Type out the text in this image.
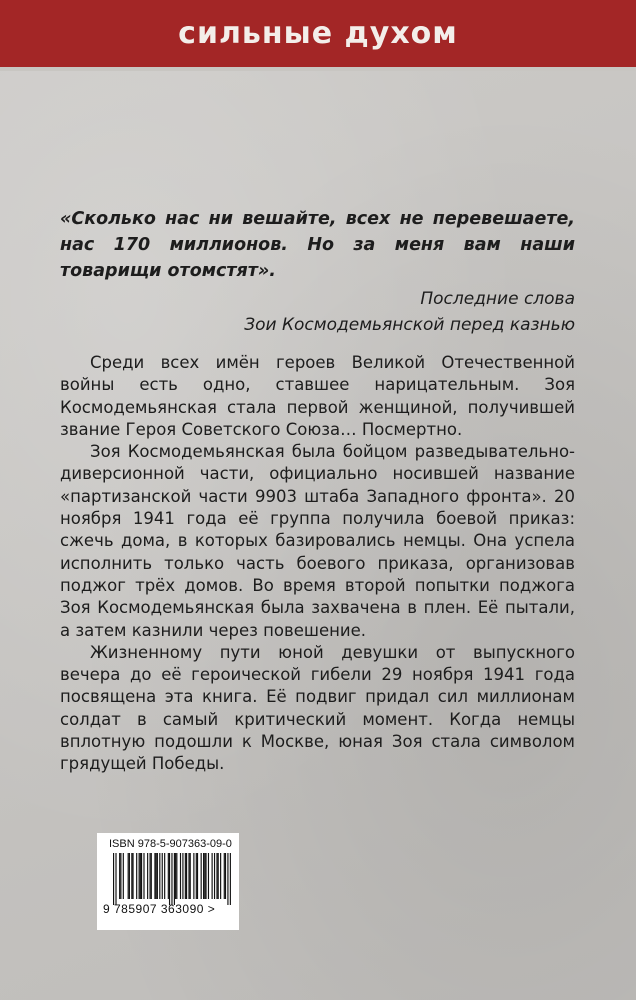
сильные духом

«Сколько нас ни вешайте, всех не перевешаете, нас 170 миллионов. Но за меня вам наши товарищи отомстят».

Последние слова
Зои Космодемьянской перед казнью

Среди всех имён героев Великой Отечественной войны есть одно, ставшее нарицательным. Зоя Космодемьянская стала первой женщиной, получившей звание Героя Советского Союза… Посмертно.

Зоя Космодемьянская была бойцом разведывательно-диверсионной части, официально носившей название «партизанской части 9903 штаба Западного фронта». 20 ноября 1941 года её группа получила боевой приказ: сжечь дома, в которых базировались немцы. Она успела исполнить только часть боевого приказа, организовав поджог трёх домов. Во время второй попытки поджога Зоя Космодемьянская была захвачена в плен. Её пытали, а затем казнили через повешение.

Жизненному пути юной девушки от выпускного вечера до её героической гибели 29 ноября 1941 года посвящена эта книга. Её подвиг придал сил миллионам солдат в самый критический момент. Когда немцы вплотную подошли к Москве, юная Зоя стала символом грядущей Победы.

ISBN 978-5-907363-09-0
9 785907 363090 >
